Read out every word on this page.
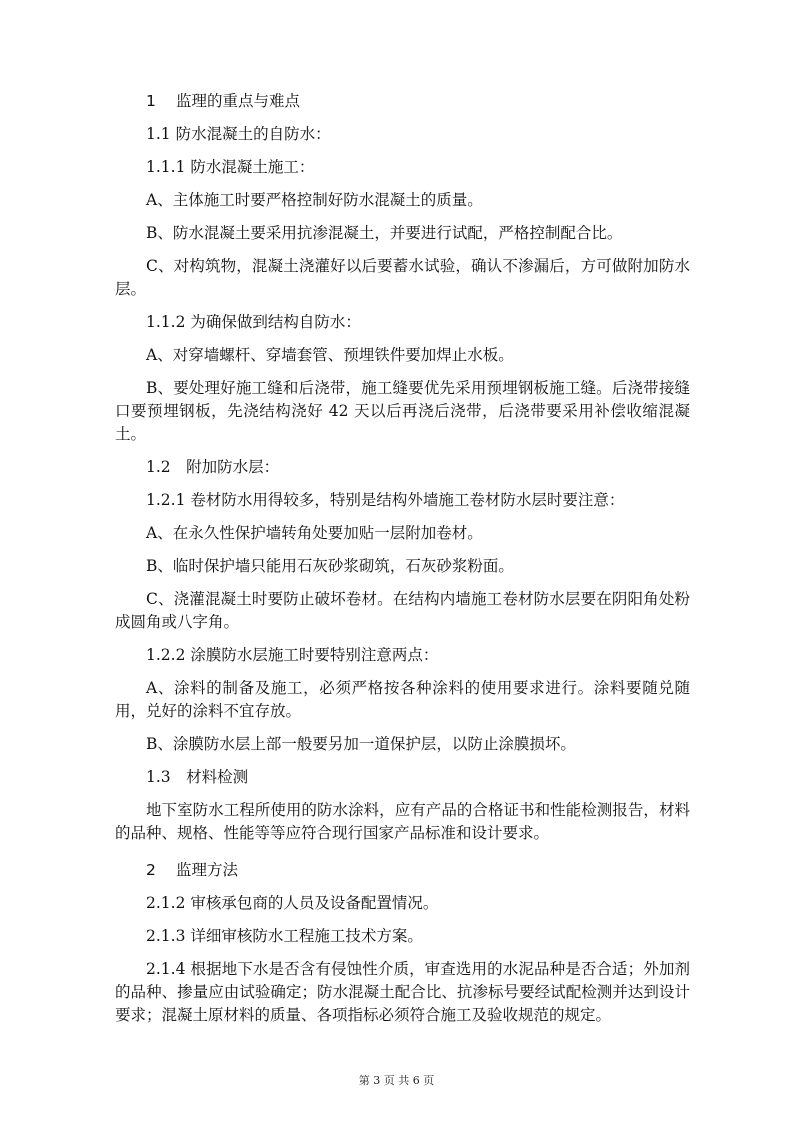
1 监理的重点与难点

1.1 防水混凝土的自防水：

1.1.1 防水混凝土施工：

A、主体施工时要严格控制好防水混凝土的质量。

B、防水混凝土要采用抗渗混凝土，并要进行试配，严格控制配合比。

C、对构筑物，混凝土浇灌好以后要蓄水试验，确认不渗漏后，方可做附加防水层。

1.1.2 为确保做到结构自防水：

A、对穿墙螺杆、穿墙套管、预埋铁件要加焊止水板。

B、要处理好施工缝和后浇带，施工缝要优先采用预埋钢板施工缝。后浇带接缝口要预埋钢板，先浇结构浇好 42 天以后再浇后浇带，后浇带要采用补偿收缩混凝土。

1.2　附加防水层：

1.2.1 卷材防水用得较多，特别是结构外墙施工卷材防水层时要注意：

A、在永久性保护墙转角处要加贴一层附加卷材。

B、临时保护墙只能用石灰砂浆砌筑，石灰砂浆粉面。

C、浇灌混凝土时要防止破坏卷材。在结构内墙施工卷材防水层要在阴阳角处粉成圆角或八字角。

1.2.2 涂膜防水层施工时要特别注意两点：

A、涂料的制备及施工，必须严格按各种涂料的使用要求进行。涂料要随兑随用，兑好的涂料不宜存放。

B、涂膜防水层上部一般要另加一道保护层，以防止涂膜损坏。

1.3　材料检测

地下室防水工程所使用的防水涂料，应有产品的合格证书和性能检测报告，材料的品种、规格、性能等等应符合现行国家产品标准和设计要求。

2 监理方法

2.1.2 审核承包商的人员及设备配置情况。

2.1.3 详细审核防水工程施工技术方案。

2.1.4 根据地下水是否含有侵蚀性介质，审查选用的水泥品种是否合适；外加剂的品种、掺量应由试验确定；防水混凝土配合比、抗渗标号要经试配检测并达到设计要求；混凝土原材料的质量、各项指标必须符合施工及验收规范的规定。

第 3 页 共 6 页
